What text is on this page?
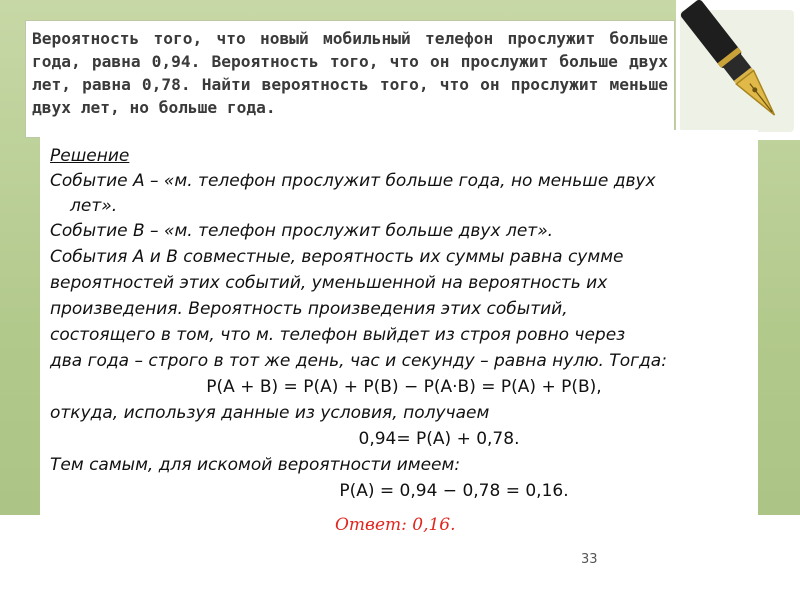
Вероятность того, что новый мобильный телефон прослужит больше года, равна 0,94. Вероятность того, что он прослужит больше двух лет, равна 0,78. Найти вероятность того, что он прослужит меньше двух лет, но больше года.

Решение

Событие А – «м. телефон прослужит больше года, но меньше двух

лет».

Событие В – «м. телефон прослужит больше двух лет».

События А и В совместные, вероятность их суммы равна сумме

вероятностей этих событий, уменьшенной на вероятность их

произведения. Вероятность произведения этих событий,

состоящего в том, что м. телефон выйдет из строя ровно через

два года – строго в тот же день, час и секунду – равна нулю. Тогда:

Р(А + В) = Р(А) + Р(В) − Р(А·В) = Р(А) + Р(В),

откуда, используя данные из условия, получаем

0,94= Р(А) + 0,78.

Тем самым, для искомой вероятности имеем:

Р(А) = 0,94 − 0,78 = 0,16.

Ответ: 0,16.
33
